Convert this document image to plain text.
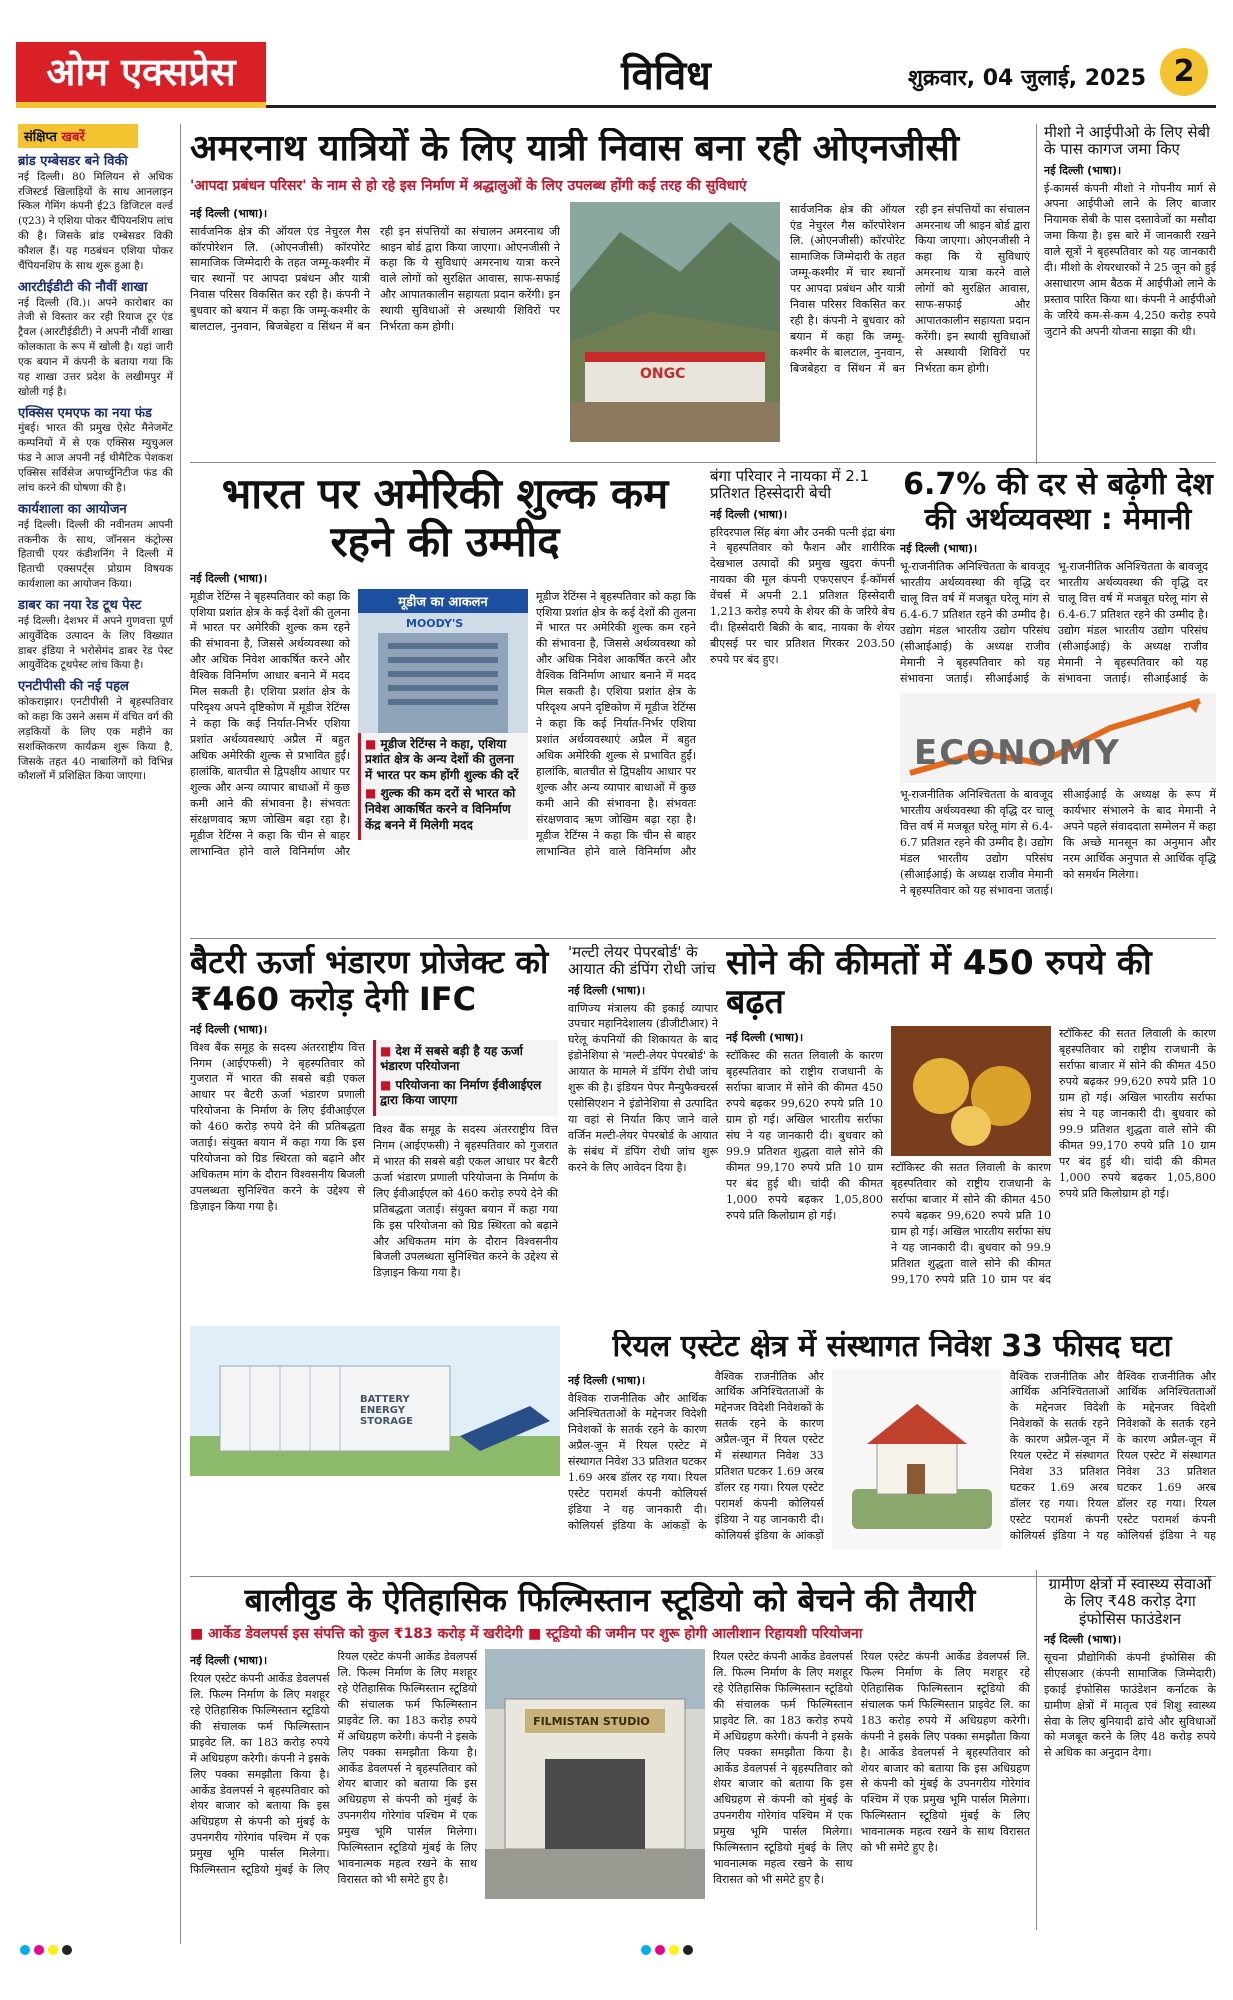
ओम एक्सप्रेस	विविध	शुक्रवार, 04 जुलाई, 2025 2
संक्षिप्त खबरें
ब्रांड एम्बेसडर बने विकी
नई दिल्ली। 80 मिलियन से अधिक रजिस्टर्ड खिलाड़ियों के साथ आनलाइन स्किल गेमिंग कंपनी ई23 डिजिटल वर्ल्ड (ए23) ने एशिया पोकर चैंपियनशिप लांच की है। जिसके ब्रांड एम्बेसडर विकी कौशल हैं। यह गठबंधन एशिया पोकर चैंपियनशिप के साथ शुरू हुआ है।
आरटीईडीटी की नौवीं शाखा
नई दिल्ली (वि.)। अपने कारोबार का तेजी से विस्तार कर रही रियाज टूर एंड ट्रैवल (आरटीईडीटी) ने अपनी नौवीं शाखा कोलकाता के रूप में खोली है। यहां जारी एक बयान में कंपनी के बताया गया कि यह शाखा उत्तर प्रदेश के लखीमपुर में खोली गई है।
एक्सिस एमएफ का नया फंड
मुंबई। भारत की प्रमुख ऐसेट मैनेजमेंट कम्पनियों में से एक एक्सिस म्युचुअल फंड ने आज अपनी नई थीमैटिक पेशकश एक्सिस सर्विसेज अपार्च्युनिटीज फंड की लांच करने की घोषणा की है।
कार्यशाला का आयोजन
नई दिल्ली। दिल्ली की नवीनतम आपनी तकनीक के साथ, जॉनसन कंट्रोल्स हिताची एयर कंडीशनिंग ने दिल्ली में हिताची एक्सपर्ट्स प्रोग्राम विषयक कार्यशाला का आयोजन किया।
डाबर का नया रेड टूथ पेस्ट
नई दिल्ली। देशभर में अपने गुणवत्ता पूर्ण आयुर्वेदिक उत्पादन के लिए विख्यात डाबर इंडिया ने भरोसेमंद डाबर रेड पेस्ट आयुर्वेदिक टूथपेस्ट लांच किया है।
एनटीपीसी की नई पहल
कोकराझार। एनटीपीसी ने बृहस्पतिवार को कहा कि उसने असम में वंचित वर्ग की लड़कियों के लिए एक महीने का सशक्तिकरण कार्यक्रम शुरू किया है, जिसके तहत 40 नाबालिगों को विभिन्न कौशलों में प्रशिक्षित किया जाएगा।
अमरनाथ यात्रियों के लिए यात्री निवास बना रही ओएनजीसी
'आपदा प्रबंधन परिसर' के नाम से हो रहे इस निर्माण में श्रद्धालुओं के लिए उपलब्ध होंगी कई तरह की सुविधाएं
नई दिल्ली (भाषा)।
सार्वजनिक क्षेत्र की ऑयल एंड नेचुरल गैस कॉरपोरेशन लि. (ओएनजीसी) कॉरपोरेट सामाजिक जिम्मेदारी के तहत जम्मू-कश्मीर में चार स्थानों पर आपदा प्रबंधन और यात्री निवास परिसर विकसित कर रही है। कंपनी ने बुधवार को बयान में कहा कि जम्मू-कश्मीर के बालटाल, नुनवान, बिजबेहरा व सिंथन में बन रही इन संपत्तियों का संचालन अमरनाथ जी श्राइन बोर्ड द्वारा किया जाएगा। ओएनजीसी ने कहा कि ये सुविधाएं अमरनाथ यात्रा करने वाले लोगों को सुरक्षित आवास, साफ-सफाई और आपातकालीन सहायता प्रदान करेंगी। इन स्थायी सुविधाओं से अस्थायी शिविरों पर निर्भरता कम होगी।
ONGC
सार्वजनिक क्षेत्र की ऑयल एंड नेचुरल गैस कॉरपोरेशन लि. (ओएनजीसी) कॉरपोरेट सामाजिक जिम्मेदारी के तहत जम्मू-कश्मीर में चार स्थानों पर आपदा प्रबंधन और यात्री निवास परिसर विकसित कर रही है। कंपनी ने बुधवार को बयान में कहा कि जम्मू-कश्मीर के बालटाल, नुनवान, बिजबेहरा व सिंथन में बन रही इन संपत्तियों का संचालन अमरनाथ जी श्राइन बोर्ड द्वारा किया जाएगा। ओएनजीसी ने कहा कि ये सुविधाएं अमरनाथ यात्रा करने वाले लोगों को सुरक्षित आवास, साफ-सफाई और आपातकालीन सहायता प्रदान करेंगी। इन स्थायी सुविधाओं से अस्थायी शिविरों पर निर्भरता कम होगी।
मीशो ने आईपीओ के लिए सेबी के पास कागज जमा किए
नई दिल्ली (भाषा)।
ई-कामर्स कंपनी मीशो ने गोपनीय मार्ग से अपना आईपीओ लाने के लिए बाजार नियामक सेबी के पास दस्तावेजों का मसौदा जमा किया है। इस बारे में जानकारी रखने वाले सूत्रों ने बृहस्पतिवार को यह जानकारी दी। मीशो के शेयरधारकों ने 25 जून को हुई असाधारण आम बैठक में आईपीओ लाने के प्रस्ताव पारित किया था। कंपनी ने आईपीओ के जरिये कम-से-कम 4,250 करोड़ रुपये जुटाने की अपनी योजना साझा की थी।
भारत पर अमेरिकी शुल्क कम रहने की उम्मीद
नई दिल्ली (भाषा)।
मूडीज रेटिंग्स ने बृहस्पतिवार को कहा कि एशिया प्रशांत क्षेत्र के कई देशों की तुलना में भारत पर अमेरिकी शुल्क कम रहने की संभावना है, जिससे अर्थव्यवस्था को और अधिक निवेश आकर्षित करने और वैश्विक विनिर्माण आधार बनाने में मदद मिल सकती है। एशिया प्रशांत क्षेत्र के परिदृश्य अपने दृष्टिकोण में मूडीज रेटिंग्स ने कहा कि कई निर्यात-निर्भर एशिया प्रशांत अर्थव्यवस्थाएं अप्रैल में बहुत अधिक अमेरिकी शुल्क से प्रभावित हुईं। हालांकि, बातचीत से द्विपक्षीय आधार पर शुल्क और अन्य व्यापार बाधाओं में कुछ कमी आने की संभावना है। संभवतः संरक्षणवाद ऋण जोखिम बढ़ा रहा है। मूडीज रेटिंग्स ने कहा कि चीन से बाहर लाभान्वित होने वाले विनिर्माण और
मूडीज का आकलन
MOODY'S
■ मूडीज रेटिंग्स ने कहा, एशिया प्रशांत क्षेत्र के अन्य देशों की तुलना में भारत पर कम होंगी शुल्क की दरें
■ शुल्क की कम दरों से भारत को निवेश आकर्षित करने व विनिर्माण केंद्र बनने में मिलेगी मदद
मूडीज रेटिंग्स ने बृहस्पतिवार को कहा कि एशिया प्रशांत क्षेत्र के कई देशों की तुलना में भारत पर अमेरिकी शुल्क कम रहने की संभावना है, जिससे अर्थव्यवस्था को और अधिक निवेश आकर्षित करने और वैश्विक विनिर्माण आधार बनाने में मदद मिल सकती है। एशिया प्रशांत क्षेत्र के परिदृश्य अपने दृष्टिकोण में मूडीज रेटिंग्स ने कहा कि कई निर्यात-निर्भर एशिया प्रशांत अर्थव्यवस्थाएं अप्रैल में बहुत अधिक अमेरिकी शुल्क से प्रभावित हुईं। हालांकि, बातचीत से द्विपक्षीय आधार पर शुल्क और अन्य व्यापार बाधाओं में कुछ कमी आने की संभावना है। संभवतः संरक्षणवाद ऋण जोखिम बढ़ा रहा है। मूडीज रेटिंग्स ने कहा कि चीन से बाहर लाभान्वित होने वाले विनिर्माण और
बंगा परिवार ने नायका में 2.1 प्रतिशत हिस्सेदारी बेची
नई दिल्ली (भाषा)।
हरिदरपाल सिंह बंगा और उनकी पत्नी इंद्रा बंगा ने बृहस्पतिवार को फैशन और शारीरिक देखभाल उत्पादों की प्रमुख खुदरा कंपनी नायका की मूल कंपनी एफएसएन ई-कॉमर्स वेंचर्स में अपनी 2.1 प्रतिशत हिस्सेदारी 1,213 करोड़ रुपये के शेयर की के जरिये बेच दी। हिस्सेदारी बिक्री के बाद, नायका के शेयर बीएसई पर चार प्रतिशत गिरकर 203.50 रुपये पर बंद हुए।
6.7% की दर से बढ़ेगी देश की अर्थव्यवस्था : मेमानी
नई दिल्ली (भाषा)।
भू-राजनीतिक अनिश्चितता के बावजूद भारतीय अर्थव्यवस्था की वृद्धि दर चालू वित्त वर्ष में मजबूत घरेलू मांग से 6.4-6.7 प्रतिशत रहने की उम्मीद है। उद्योग मंडल भारतीय उद्योग परिसंघ (सीआईआई) के अध्यक्ष राजीव मेमानी ने बृहस्पतिवार को यह संभावना जताई। सीआईआई के
भू-राजनीतिक अनिश्चितता के बावजूद भारतीय अर्थव्यवस्था की वृद्धि दर चालू वित्त वर्ष में मजबूत घरेलू मांग से 6.4-6.7 प्रतिशत रहने की उम्मीद है। उद्योग मंडल भारतीय उद्योग परिसंघ (सीआईआई) के अध्यक्ष राजीव मेमानी ने बृहस्पतिवार को यह संभावना जताई। सीआईआई के
ECONOMY
भू-राजनीतिक अनिश्चितता के बावजूद भारतीय अर्थव्यवस्था की वृद्धि दर चालू वित्त वर्ष में मजबूत घरेलू मांग से 6.4-6.7 प्रतिशत रहने की उम्मीद है। उद्योग मंडल भारतीय उद्योग परिसंघ (सीआईआई) के अध्यक्ष राजीव मेमानी ने बृहस्पतिवार को यह संभावना जताई। सीआईआई के अध्यक्ष के रूप में कार्यभार संभालने के बाद मेमानी ने अपने पहले संवाददाता सम्मेलन में कहा कि अच्छे मानसून का अनुमान और नरम आर्थिक अनुपात से आर्थिक वृद्धि को समर्थन मिलेगा।
बैटरी ऊर्जा भंडारण प्रोजेक्ट को ₹460 करोड़ देगी IFC
नई दिल्ली (भाषा)।
विश्व बैंक समूह के सदस्य अंतरराष्ट्रीय वित्त निगम (आईएफसी) ने बृहस्पतिवार को गुजरात में भारत की सबसे बड़ी एकल आधार पर बैटरी ऊर्जा भंडारण प्रणाली परियोजना के निर्माण के लिए ईवीआईएल को 460 करोड़ रुपये देने की प्रतिबद्धता जताई। संयुक्त बयान में कहा गया कि इस परियोजना को ग्रिड स्थिरता को बढ़ाने और अधिकतम मांग के दौरान विश्वसनीय बिजली उपलब्धता सुनिश्चित करने के उद्देश्य से डिज़ाइन किया गया है।
■ देश में सबसे बड़ी है यह ऊर्जा भंडारण परियोजना
■ परियोजना का निर्माण ईवीआईएल द्वारा किया जाएगा
विश्व बैंक समूह के सदस्य अंतरराष्ट्रीय वित्त निगम (आईएफसी) ने बृहस्पतिवार को गुजरात में भारत की सबसे बड़ी एकल आधार पर बैटरी ऊर्जा भंडारण प्रणाली परियोजना के निर्माण के लिए ईवीआईएल को 460 करोड़ रुपये देने की प्रतिबद्धता जताई। संयुक्त बयान में कहा गया कि इस परियोजना को ग्रिड स्थिरता को बढ़ाने और अधिकतम मांग के दौरान विश्वसनीय बिजली उपलब्धता सुनिश्चित करने के उद्देश्य से डिज़ाइन किया गया है।
BATTERY ENERGY STORAGE
'मल्टी लेयर पेपरबोर्ड' के आयात की डंपिंग रोधी जांच
नई दिल्ली (भाषा)।
वाणिज्य मंत्रालय की इकाई व्यापार उपचार महानिदेशालय (डीजीटीआर) ने घरेलू कंपनियों की शिकायत के बाद इंडोनेशिया से 'मल्टी-लेयर पेपरबोर्ड' के आयात के मामले में डंपिंग रोधी जांच शुरू की है। इंडियन पेपर मैन्युफैक्चरर्स एसोसिएशन ने इंडोनेशिया से उत्पादित या वहां से निर्यात किए जाने वाले वर्जिन मल्टी-लेयर पेपरबोर्ड के आयात के संबंध में डंपिंग रोधी जांच शुरू करने के लिए आवेदन दिया है।
सोने की कीमतों में 450 रुपये की बढ़त
नई दिल्ली (भाषा)।
स्टॉकिस्ट की सतत लिवाली के कारण बृहस्पतिवार को राष्ट्रीय राजधानी के सर्राफा बाजार में सोने की कीमत 450 रुपये बढ़कर 99,620 रुपये प्रति 10 ग्राम हो गई। अखिल भारतीय सर्राफा संघ ने यह जानकारी दी। बुधवार को 99.9 प्रतिशत शुद्धता वाले सोने की कीमत 99,170 रुपये प्रति 10 ग्राम पर बंद हुई थी। चांदी की कीमत 1,000 रुपये बढ़कर 1,05,800 रुपये प्रति किलोग्राम हो गई।
स्टॉकिस्ट की सतत लिवाली के कारण बृहस्पतिवार को राष्ट्रीय राजधानी के सर्राफा बाजार में सोने की कीमत 450 रुपये बढ़कर 99,620 रुपये प्रति 10 ग्राम हो गई। अखिल भारतीय सर्राफा संघ ने यह जानकारी दी। बुधवार को 99.9 प्रतिशत शुद्धता वाले सोने की कीमत 99,170 रुपये प्रति 10 ग्राम पर बंद
स्टॉकिस्ट की सतत लिवाली के कारण बृहस्पतिवार को राष्ट्रीय राजधानी के सर्राफा बाजार में सोने की कीमत 450 रुपये बढ़कर 99,620 रुपये प्रति 10 ग्राम हो गई। अखिल भारतीय सर्राफा संघ ने यह जानकारी दी। बुधवार को 99.9 प्रतिशत शुद्धता वाले सोने की कीमत 99,170 रुपये प्रति 10 ग्राम पर बंद हुई थी। चांदी की कीमत 1,000 रुपये बढ़कर 1,05,800 रुपये प्रति किलोग्राम हो गई।
रियल एस्टेट क्षेत्र में संस्थागत निवेश 33 फीसद घटा
नई दिल्ली (भाषा)।
वैश्विक राजनीतिक और आर्थिक अनिश्चितताओं के मद्देनजर विदेशी निवेशकों के सतर्क रहने के कारण अप्रैल-जून में रियल एस्टेट में संस्थागत निवेश 33 प्रतिशत घटकर 1.69 अरब डॉलर रह गया। रियल एस्टेट परामर्श कंपनी कोलियर्स इंडिया ने यह जानकारी दी। कोलियर्स इंडिया के आंकड़ों के
वैश्विक राजनीतिक और आर्थिक अनिश्चितताओं के मद्देनजर विदेशी निवेशकों के सतर्क रहने के कारण अप्रैल-जून में रियल एस्टेट में संस्थागत निवेश 33 प्रतिशत घटकर 1.69 अरब डॉलर रह गया। रियल एस्टेट परामर्श कंपनी कोलियर्स इंडिया ने यह जानकारी दी। कोलियर्स इंडिया के आंकड़ों
वैश्विक राजनीतिक और आर्थिक अनिश्चितताओं के मद्देनजर विदेशी निवेशकों के सतर्क रहने के कारण अप्रैल-जून में रियल एस्टेट में संस्थागत निवेश 33 प्रतिशत घटकर 1.69 अरब डॉलर रह गया। रियल एस्टेट परामर्श कंपनी कोलियर्स इंडिया ने यह
वैश्विक राजनीतिक और आर्थिक अनिश्चितताओं के मद्देनजर विदेशी निवेशकों के सतर्क रहने के कारण अप्रैल-जून में रियल एस्टेट में संस्थागत निवेश 33 प्रतिशत घटकर 1.69 अरब डॉलर रह गया। रियल एस्टेट परामर्श कंपनी कोलियर्स इंडिया ने यह
बालीवुड के ऐतिहासिक फिल्मिस्तान स्टूडियो को बेचने की तैयारी
■ आर्केड डेवलपर्स इस संपत्ति को कुल ₹183 करोड़ में खरीदेगी ■ स्टूडियो की जमीन पर शुरू होगी आलीशान रिहायशी परियोजना
नई दिल्ली (भाषा)।
रियल एस्टेट कंपनी आर्केड डेवलपर्स लि. फिल्म निर्माण के लिए मशहूर रहे ऐतिहासिक फिल्मिस्तान स्टूडियो की संचालक फर्म फिल्मिस्तान प्राइवेट लि. का 183 करोड़ रुपये में अधिग्रहण करेगी। कंपनी ने इसके लिए पक्का समझौता किया है। आर्केड डेवलपर्स ने बृहस्पतिवार को शेयर बाजार को बताया कि इस अधिग्रहण से कंपनी को मुंबई के उपनगरीय गोरेगांव पश्चिम में एक प्रमुख भूमि पार्सल मिलेगा। फिल्मिस्तान स्टूडियो मुंबई के लिए
रियल एस्टेट कंपनी आर्केड डेवलपर्स लि. फिल्म निर्माण के लिए मशहूर रहे ऐतिहासिक फिल्मिस्तान स्टूडियो की संचालक फर्म फिल्मिस्तान प्राइवेट लि. का 183 करोड़ रुपये में अधिग्रहण करेगी। कंपनी ने इसके लिए पक्का समझौता किया है। आर्केड डेवलपर्स ने बृहस्पतिवार को शेयर बाजार को बताया कि इस अधिग्रहण से कंपनी को मुंबई के उपनगरीय गोरेगांव पश्चिम में एक प्रमुख भूमि पार्सल मिलेगा। फिल्मिस्तान स्टूडियो मुंबई के लिए भावनात्मक महत्व रखने के साथ विरासत को भी समेटे हुए है।
FILMISTAN STUDIO
रियल एस्टेट कंपनी आर्केड डेवलपर्स लि. फिल्म निर्माण के लिए मशहूर रहे ऐतिहासिक फिल्मिस्तान स्टूडियो की संचालक फर्म फिल्मिस्तान प्राइवेट लि. का 183 करोड़ रुपये में अधिग्रहण करेगी। कंपनी ने इसके लिए पक्का समझौता किया है। आर्केड डेवलपर्स ने बृहस्पतिवार को शेयर बाजार को बताया कि इस अधिग्रहण से कंपनी को मुंबई के उपनगरीय गोरेगांव पश्चिम में एक प्रमुख भूमि पार्सल मिलेगा। फिल्मिस्तान स्टूडियो मुंबई के लिए भावनात्मक महत्व रखने के साथ विरासत को भी समेटे हुए है।
रियल एस्टेट कंपनी आर्केड डेवलपर्स लि. फिल्म निर्माण के लिए मशहूर रहे ऐतिहासिक फिल्मिस्तान स्टूडियो की संचालक फर्म फिल्मिस्तान प्राइवेट लि. का 183 करोड़ रुपये में अधिग्रहण करेगी। कंपनी ने इसके लिए पक्का समझौता किया है। आर्केड डेवलपर्स ने बृहस्पतिवार को शेयर बाजार को बताया कि इस अधिग्रहण से कंपनी को मुंबई के उपनगरीय गोरेगांव पश्चिम में एक प्रमुख भूमि पार्सल मिलेगा। फिल्मिस्तान स्टूडियो मुंबई के लिए भावनात्मक महत्व रखने के साथ विरासत को भी समेटे हुए है।
ग्रामीण क्षेत्रों में स्वास्थ्य सेवाओं के लिए ₹48 करोड़ देगा इंफोसिस फाउंडेशन
नई दिल्ली (भाषा)।
सूचना प्रौद्योगिकी कंपनी इंफोसिस की सीएसआर (कंपनी सामाजिक जिम्मेदारी) इकाई इंफोसिस फाउंडेशन कर्नाटक के ग्रामीण क्षेत्रों में मातृत्व एवं शिशु स्वास्थ्य सेवा के लिए बुनियादी ढांचे और सुविधाओं को मजबूत करने के लिए 48 करोड़ रुपये से अधिक का अनुदान देगा।
